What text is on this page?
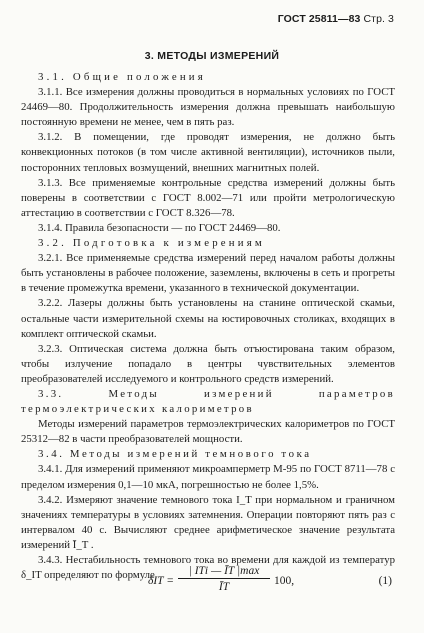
ГОСТ 25811—83 Стр. 3
3. МЕТОДЫ ИЗМЕРЕНИЙ

3.1. Общие положения

3.1.1. Все измерения должны проводиться в нормальных условиях по ГОСТ 24469—80. Продолжительность измерения должна превышать наибольшую постоянную времени не менее, чем в пять раз.

3.1.2. В помещении, где проводят измерения, не должно быть конвекционных потоков (в том числе активной вентиляции), источников пыли, посторонних тепловых возмущений, внешних магнитных полей.

3.1.3. Все применяемые контрольные средства измерений должны быть поверены в соответствии с ГОСТ 8.002—71 или пройти метрологическую аттестацию в соответствии с ГОСТ 8.326—78.

3.1.4. Правила безопасности — по ГОСТ 24469—80.

3.2. Подготовка к измерениям

3.2.1. Все применяемые средства измерений перед началом работы должны быть установлены в рабочее положение, заземлены, включены в сеть и прогреты в течение промежутка времени, указанного в технической документации.

3.2.2. Лазеры должны быть установлены на станине оптической скамьи, остальные части измерительной схемы на юстировочных столиках, входящих в комплект оптической скамьи.

3.2.3. Оптическая система должна быть отъюстирована таким образом, чтобы излучение попадало в центры чувствительных элементов преобразователей исследуемого и контрольного средств измерений.

3.3. Методы измерений параметров термоэлектрических калориметров

Методы измерений параметров термоэлектрических калориметров по ГОСТ 25312—82 в части преобразователей мощности.

3.4. Методы измерений темнового тока

3.4.1. Для измерений применяют микроамперметр М-95 по ГОСТ 8711—78 с пределом измерения 0,1—10 мкА, погрешностью не более 1,5%.

3.4.2. Измеряют значение темнового тока I_T при нормальном и граничном значениях температуры в условиях затемнения. Операции повторяют пять раз с интервалом 40 с. Вычисляют среднее арифметическое значение результата измерений Ī_T .

3.4.3. Нестабильность темнового тока во времени для каждой из температур δ_IT определяют по формуле

δIT =
| IТi — ĪT |max
ĪT	100,	(1)
